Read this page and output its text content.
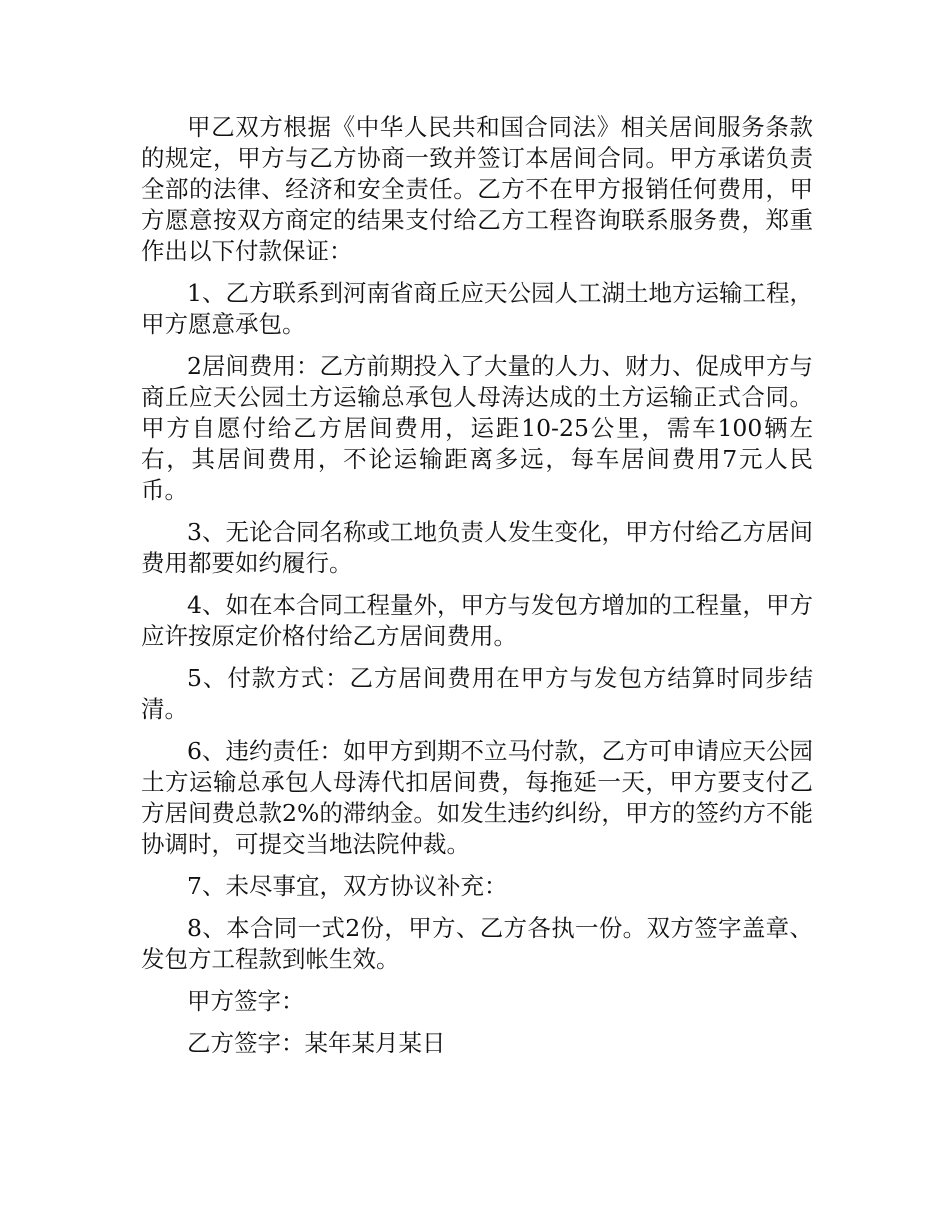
甲乙双方根据《中华人民共和国合同法》相关居间服务条款的规定，甲方与乙方协商一致并签订本居间合同。甲方承诺负责全部的法律、经济和安全责任。乙方不在甲方报销任何费用，甲方愿意按双方商定的结果支付给乙方工程咨询联系服务费，郑重作出以下付款保证：

1、乙方联系到河南省商丘应天公园人工湖土地方运输工程，甲方愿意承包。

2居间费用：乙方前期投入了大量的人力、财力、促成甲方与商丘应天公园土方运输总承包人母涛达成的土方运输正式合同。甲方自愿付给乙方居间费用，运距10-25公里，需车100辆左右，其居间费用，不论运输距离多远，每车居间费用7元人民币。

3、无论合同名称或工地负责人发生变化，甲方付给乙方居间费用都要如约履行。

4、如在本合同工程量外，甲方与发包方增加的工程量，甲方应许按原定价格付给乙方居间费用。

5、付款方式：乙方居间费用在甲方与发包方结算时同步结清。

6、违约责任：如甲方到期不立马付款，乙方可申请应天公园土方运输总承包人母涛代扣居间费，每拖延一天，甲方要支付乙方居间费总款2%的滞纳金。如发生违约纠纷，甲方的签约方不能协调时，可提交当地法院仲裁。

7、未尽事宜，双方协议补充：

8、本合同一式2份，甲方、乙方各执一份。双方签字盖章、发包方工程款到帐生效。

甲方签字：

乙方签字：某年某月某日
